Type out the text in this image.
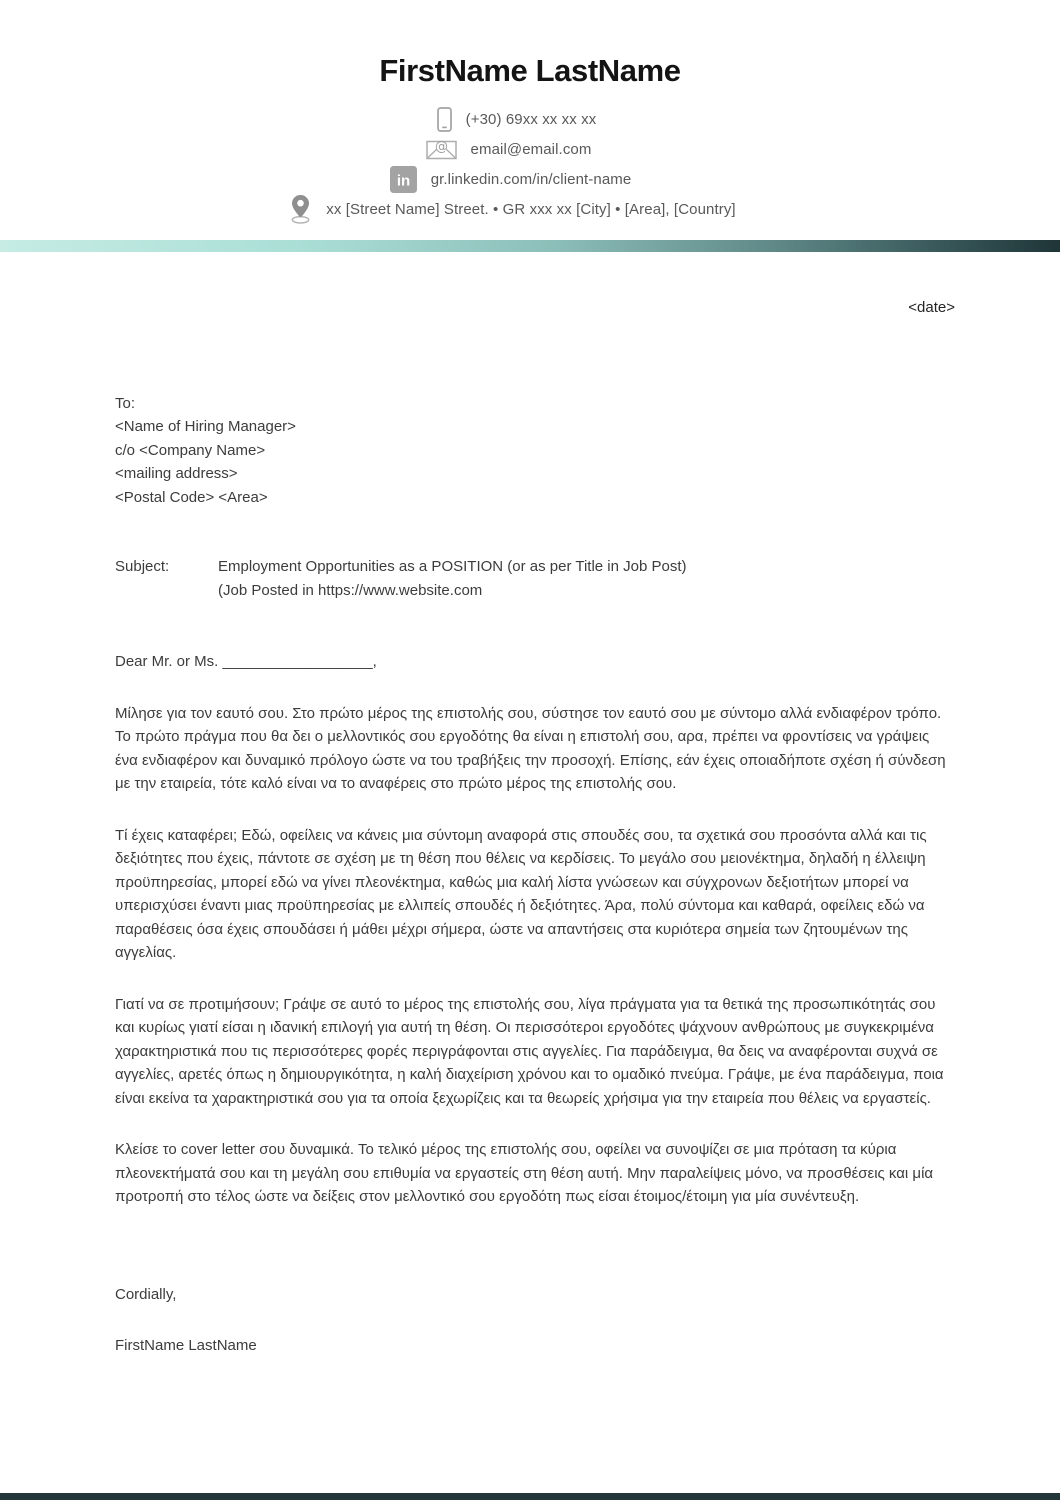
FirstName LastName
(+30) 69xx xx xx xx
@ email@email.com
in gr.linkedin.com/in/client-name
xx [Street Name] Street. • GR xxx xx [City] • [Area], [Country]
<date>
To:
<Name of Hiring Manager>
c/o <Company Name>
<mailing address>
<Postal Code> <Area>
Subject:	Employment Opportunities as a POSITION (or as per Title in Job Post)
(Job Posted in https://www.website.com
Dear Mr. or Ms. __________________,

Μίλησε για τον εαυτό σου. Στο πρώτο μέρος της επιστολής σου, σύστησε τον εαυτό σου με σύντομο αλλά ενδιαφέρον τρόπο. Το πρώτο πράγμα που θα δει ο μελλοντικός σου εργοδότης θα είναι η επιστολή σου, αρα, πρέπει να φροντίσεις να γράψεις ένα ενδιαφέρον και δυναμικό πρόλογο ώστε να του τραβήξεις την προσοχή. Επίσης, εάν έχεις οποιαδήποτε σχέση ή σύνδεση με την εταιρεία, τότε καλό είναι να το αναφέρεις στο πρώτο μέρος της επιστολής σου.

Τί έχεις καταφέρει; Εδώ, οφείλεις να κάνεις μια σύντομη αναφορά στις σπουδές σου, τα σχετικά σου προσόντα αλλά και τις δεξιότητες που έχεις, πάντοτε σε σχέση με τη θέση που θέλεις να κερδίσεις. Το μεγάλο σου μειονέκτημα, δηλαδή η έλλειψη προϋπηρεσίας, μπορεί εδώ να γίνει πλεονέκτημα, καθώς μια καλή λίστα γνώσεων και σύγχρονων δεξιοτήτων μπορεί να υπερισχύσει έναντι μιας προϋπηρεσίας με ελλιπείς σπουδές ή δεξιότητες. Άρα, πολύ σύντομα και καθαρά, οφείλεις εδώ να παραθέσεις όσα έχεις σπουδάσει ή μάθει μέχρι σήμερα, ώστε να απαντήσεις στα κυριότερα σημεία των ζητουμένων της αγγελίας.

Γιατί να σε προτιμήσουν; Γράψε σε αυτό το μέρος της επιστολής σου, λίγα πράγματα για τα θετικά της προσωπικότητάς σου και κυρίως γιατί είσαι η ιδανική επιλογή για αυτή τη θέση. Οι περισσότεροι εργοδότες ψάχνουν ανθρώπους με συγκεκριμένα χαρακτηριστικά που τις περισσότερες φορές περιγράφονται στις αγγελίες. Για παράδειγμα, θα δεις να αναφέρονται συχνά σε αγγελίες, αρετές όπως η δημιουργικότητα, η καλή διαχείριση χρόνου και το ομαδικό πνεύμα. Γράψε, με ένα παράδειγμα, ποια είναι εκείνα τα χαρακτηριστικά σου για τα οποία ξεχωρίζεις και τα θεωρείς χρήσιμα για την εταιρεία που θέλεις να εργαστείς.

Κλείσε το cover letter σου δυναμικά. Το τελικό μέρος της επιστολής σου, οφείλει να συνοψίζει σε μια πρόταση τα κύρια πλεονεκτήματά σου και τη μεγάλη σου επιθυμία να εργαστείς στη θέση αυτή. Μην παραλείψεις μόνο, να προσθέσεις και μία προτροπή στο τέλος ώστε να δείξεις στον μελλοντικό σου εργοδότη πως είσαι έτοιμος/έτοιμη για μία συνέντευξη.

Cordially,
FirstName LastName
